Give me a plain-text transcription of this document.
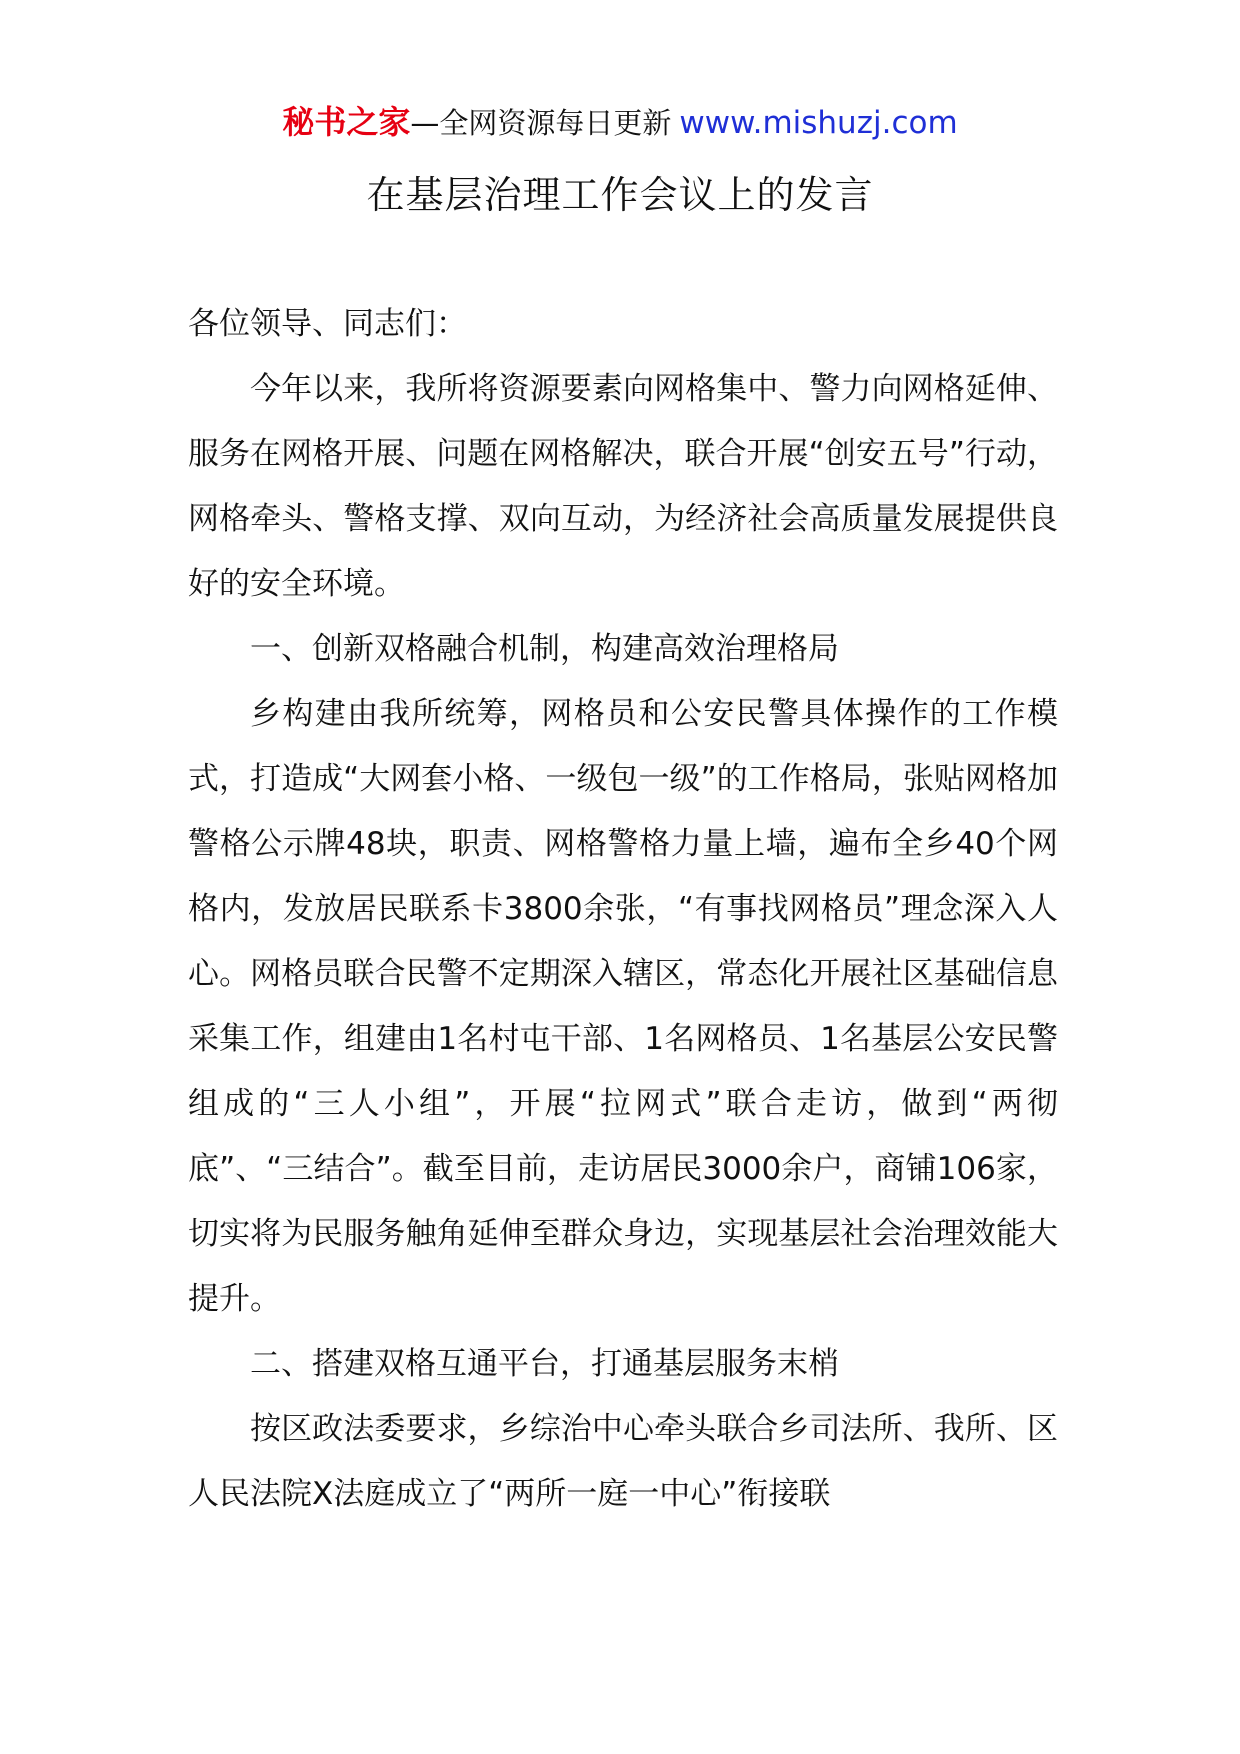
秘书之家—全网资源每日更新 www.mishuzj.com
在基层治理工作会议上的发言

各位领导、同志们：

今年以来，我所将资源要素向网格集中、警力向网格延伸、服务在网格开展、问题在网格解决，联合开展“创安五号”行动，网格牵头、警格支撑、双向互动，为经济社会高质量发展提供良好的安全环境。

一、创新双格融合机制，构建高效治理格局

乡构建由我所统筹，网格员和公安民警具体操作的工作模式，打造成“大网套小格、一级包一级”的工作格局，张贴网格加警格公示牌48块，职责、网格警格力量上墙，遍布全乡40个网格内，发放居民联系卡3800余张，“有事找网格员”理念深入人心。网格员联合民警不定期深入辖区，常态化开展社区基础信息采集工作，组建由1名村屯干部、1名网格员、1名基层公安民警组成的“三人小组”，开展“拉网式”联合走访，做到“两彻底”、“三结合”。截至目前，走访居民3000余户，商铺106家，切实将为民服务触角延伸至群众身边，实现基层社会治理效能大提升。

二、搭建双格互通平台，打通基层服务末梢

按区政法委要求，乡综治中心牵头联合乡司法所、我所、区人民法院X法庭成立了“两所一庭一中心”衔接联
